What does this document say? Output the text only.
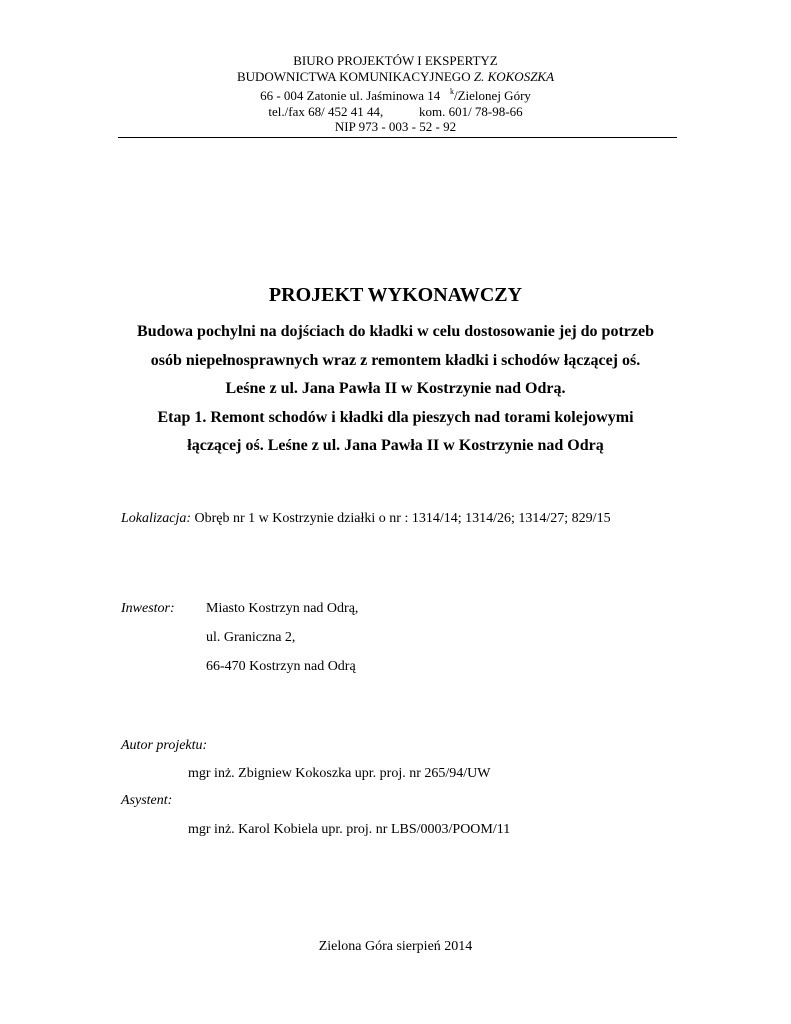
BIURO PROJEKTÓW I EKSPERTYZ
BUDOWNICTWA KOMUNIKACYJNEGO Z. KOKOSZKA
66 - 004 Zatonie ul. Jaśminowa 14   $^k$/Zielonej Góry
tel./fax 68/ 452 41 44,           kom. 601/ 78-98-66
NIP 973 - 003 - 52 - 92
PROJEKT WYKONAWCZY
Budowa pochylni na dojściach do kładki w celu dostosowanie jej do potrzeb
osób niepełnosprawnych wraz z remontem kładki i schodów łączącej oś.
Leśne z ul. Jana Pawła II w Kostrzynie nad Odrą.
Etap 1. Remont schodów i kładki dla pieszych nad torami kolejowymi
łączącej oś. Leśne z ul. Jana Pawła II w Kostrzynie nad Odrą
Lokalizacja: Obręb nr 1 w Kostrzynie działki o nr : 1314/14; 1314/26; 1314/27; 829/15
Inwestor: Miasto Kostrzyn nad Odrą,
ul. Graniczna 2,
66-470 Kostrzyn nad Odrą
Autor projektu:
mgr inż. Zbigniew Kokoszka upr. proj. nr 265/94/UW
Asystent:
mgr inż. Karol Kobiela upr. proj. nr LBS/0003/POOM/11
Zielona Góra sierpień 2014
